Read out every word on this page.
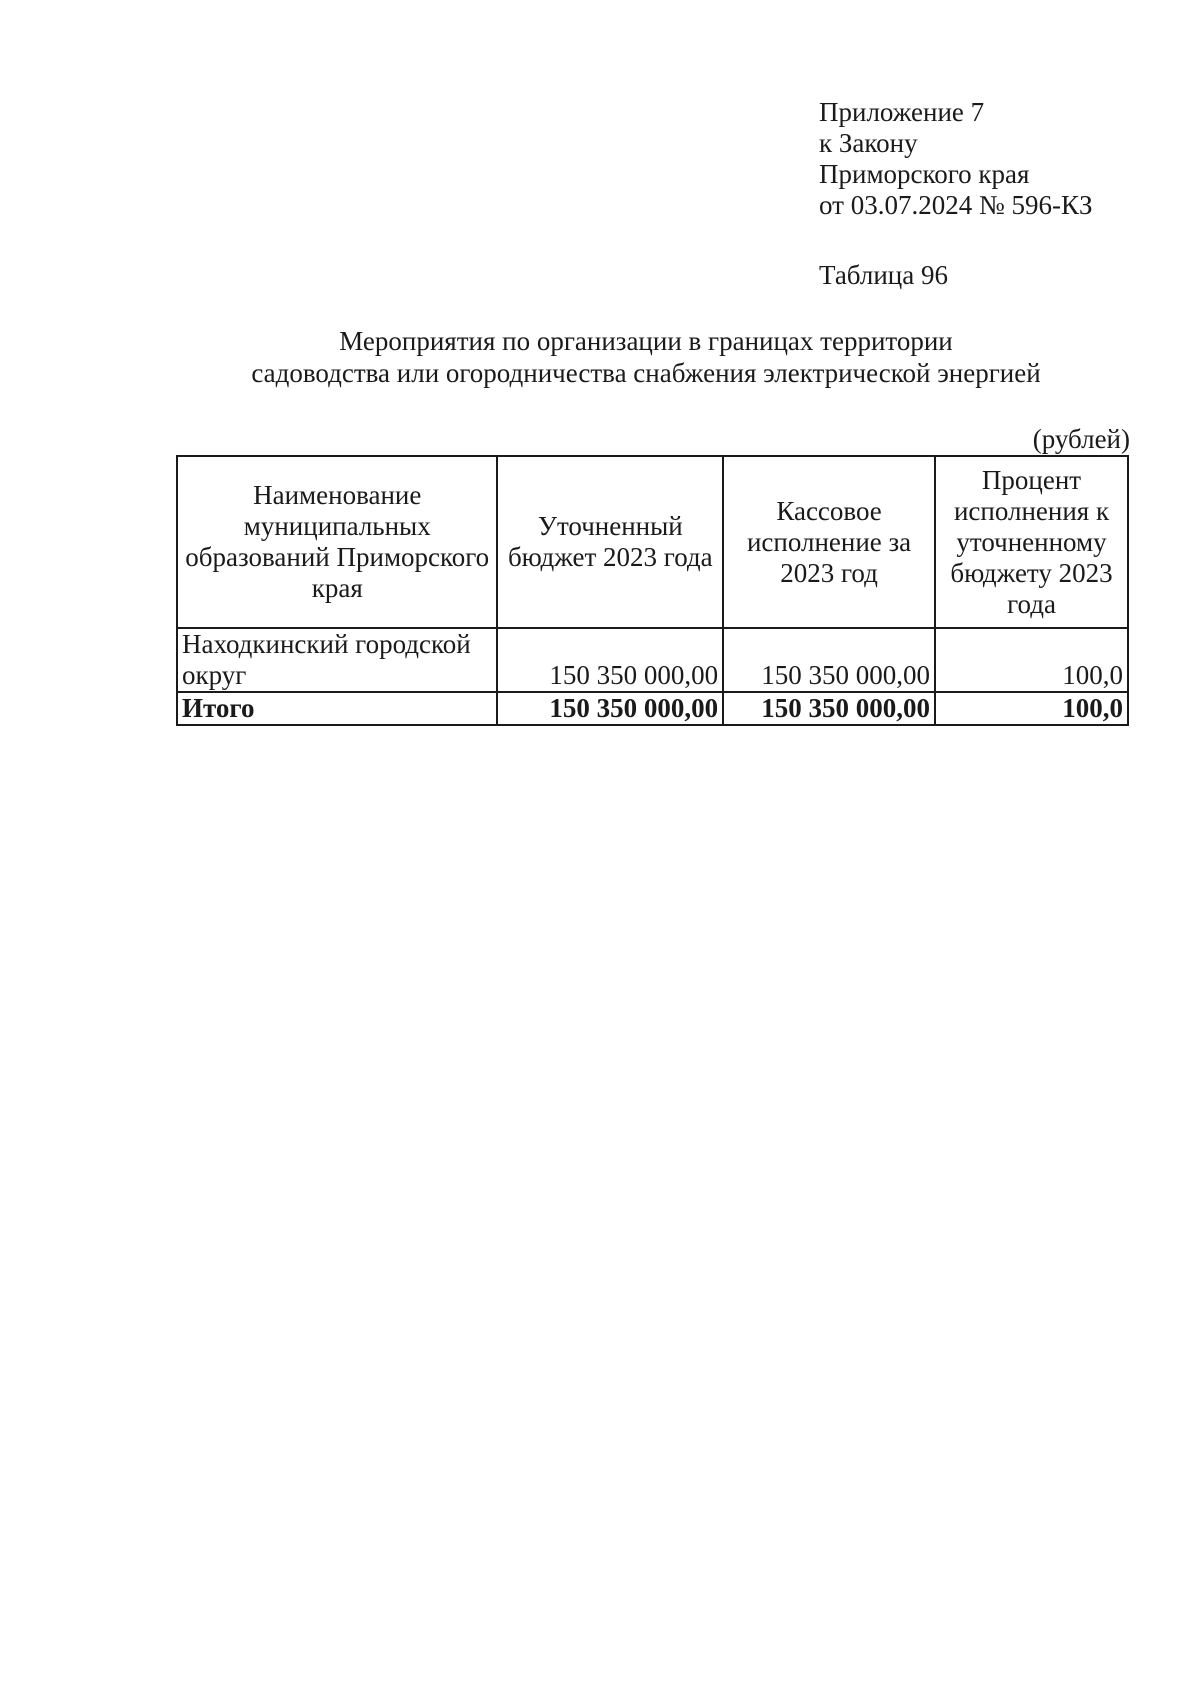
Приложение 7
к Закону
Приморского края
от 03.07.2024 № 596-КЗ
Таблица 96
Мероприятия по организации в границах территории
садоводства или огородничества снабжения электрической энергией
(рублей)
Наименование муниципальных образований Приморского края	Уточненный бюджет 2023 года	Кассовое исполнение за 2023 год	Процент исполнения к уточненному бюджету 2023 года
Находкинский городской округ	150 350 000,00	150 350 000,00	100,0
Итого	150 350 000,00	150 350 000,00	100,0
